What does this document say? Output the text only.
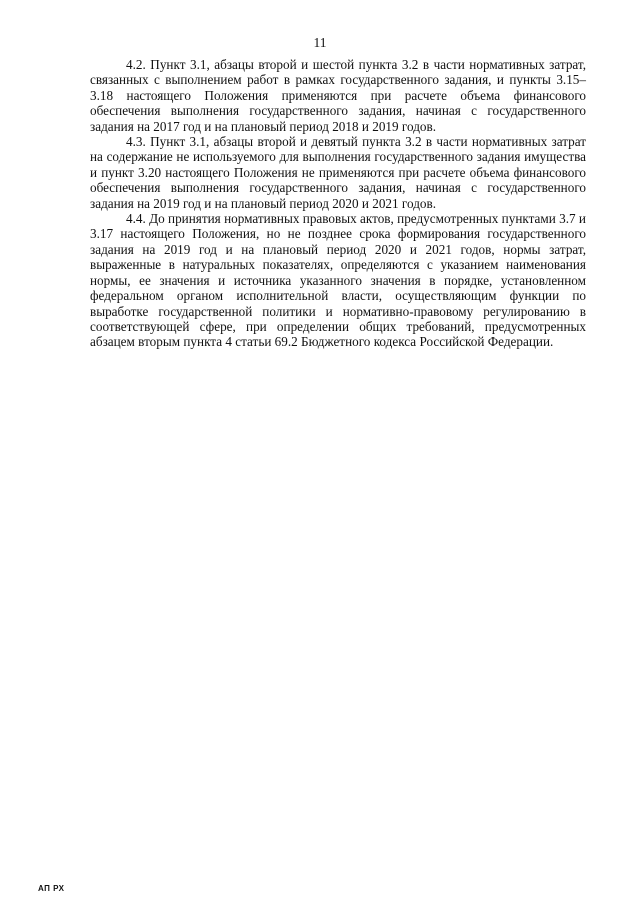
11

4.2. Пункт 3.1, абзацы второй и шестой пункта 3.2 в части нормативных затрат, связанных с выполнением работ в рамках государственного задания, и пункты 3.15–3.18 настоящего Положения применяются при расчете объема финансового обеспечения выполнения государственного задания, начиная с государственного задания на 2017 год и на плановый период 2018 и 2019 годов.

4.3. Пункт 3.1, абзацы второй и девятый пункта 3.2 в части нормативных затрат на содержание не используемого для выполнения государственного задания имущества и пункт 3.20 настоящего Положения не применяются при расчете объема финансового обеспечения выполнения государственного задания, начиная с государственного задания на 2019 год и на плановый период 2020 и 2021 годов.

4.4. До принятия нормативных правовых актов, предусмотренных пунктами 3.7 и 3.17 настоящего Положения, но не позднее срока формирования государственного задания на 2019 год и на плановый период 2020 и 2021 годов, нормы затрат, выраженные в натуральных показателях, определяются с указанием наименования нормы, ее значения и источника указанного значения в порядке, установленном федеральном органом исполнительной власти, осуществляющим функции по выработке государственной политики и нормативно-правовому регулированию в соответствующей сфере, при определении общих требований, предусмотренных абзацем вторым пункта 4 статьи 69.2 Бюджетного кодекса Российской Федерации.

АП РХ
